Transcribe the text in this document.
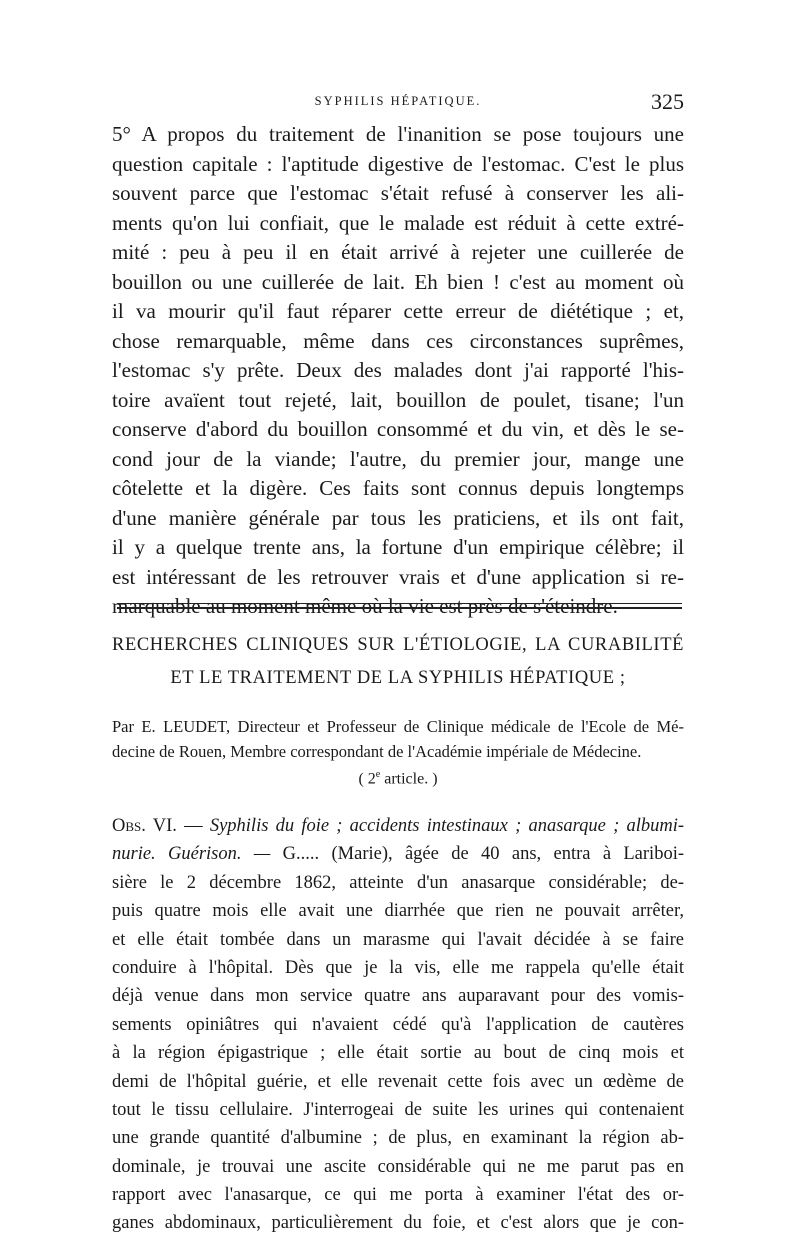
SYPHILIS HÉPATIQUE.	325
5° A propos du traitement de l'inanition se pose toujours une
question capitale : l'aptitude digestive de l'estomac. C'est le plus
souvent parce que l'estomac s'était refusé à conserver les ali-
ments qu'on lui confiait, que le malade est réduit à cette extré-
mité : peu à peu il en était arrivé à rejeter une cuillerée de
bouillon ou une cuillerée de lait. Eh bien ! c'est au moment où
il va mourir qu'il faut réparer cette erreur de diététique ; et,
chose remarquable, même dans ces circonstances suprêmes,
l'estomac s'y prête. Deux des malades dont j'ai rapporté l'his-
toire avaïent tout rejeté, lait, bouillon de poulet, tisane; l'un
conserve d'abord du bouillon consommé et du vin, et dès le se-
cond jour de la viande; l'autre, du premier jour, mange une
côtelette et la digère. Ces faits sont connus depuis longtemps
d'une manière générale par tous les praticiens, et ils ont fait,
il y a quelque trente ans, la fortune d'un empirique célèbre; il
est intéressant de les retrouver vrais et d'une application si re-
marquable au moment même où la vie est près de s'éteindre.
RECHERCHES CLINIQUES SUR L'ÉTIOLOGIE, LA CURABILITÉ
ET LE TRAITEMENT DE LA SYPHILIS HÉPATIQUE ;
Par E. LEUDET, Directeur et Professeur de Clinique médicale de l'Ecole de Mé-
decine de Rouen, Membre correspondant de l'Académie impériale de Médecine.
( 2e article. )
Obs. VI. — Syphilis du foie ; accidents intestinaux ; anasarque ; albumi-
nurie. Guérison. — G..... (Marie), âgée de 40 ans, entra à Lariboi-
sière le 2 décembre 1862, atteinte d'un anasarque considérable; de-
puis quatre mois elle avait une diarrhée que rien ne pouvait arrêter,
et elle était tombée dans un marasme qui l'avait décidée à se faire
conduire à l'hôpital. Dès que je la vis, elle me rappela qu'elle était
déjà venue dans mon service quatre ans auparavant pour des vomis-
sements opiniâtres qui n'avaient cédé qu'à l'application de cautères
à la région épigastrique ; elle était sortie au bout de cinq mois et
demi de l'hôpital guérie, et elle revenait cette fois avec un œdème de
tout le tissu cellulaire. J'interrogeai de suite les urines qui contenaient
une grande quantité d'albumine ; de plus, en examinant la région ab-
dominale, je trouvai une ascite considérable qui ne me parut pas en
rapport avec l'anasarque, ce qui me porta à examiner l'état des or-
ganes abdominaux, particulièrement du foie, et c'est alors que je con-
